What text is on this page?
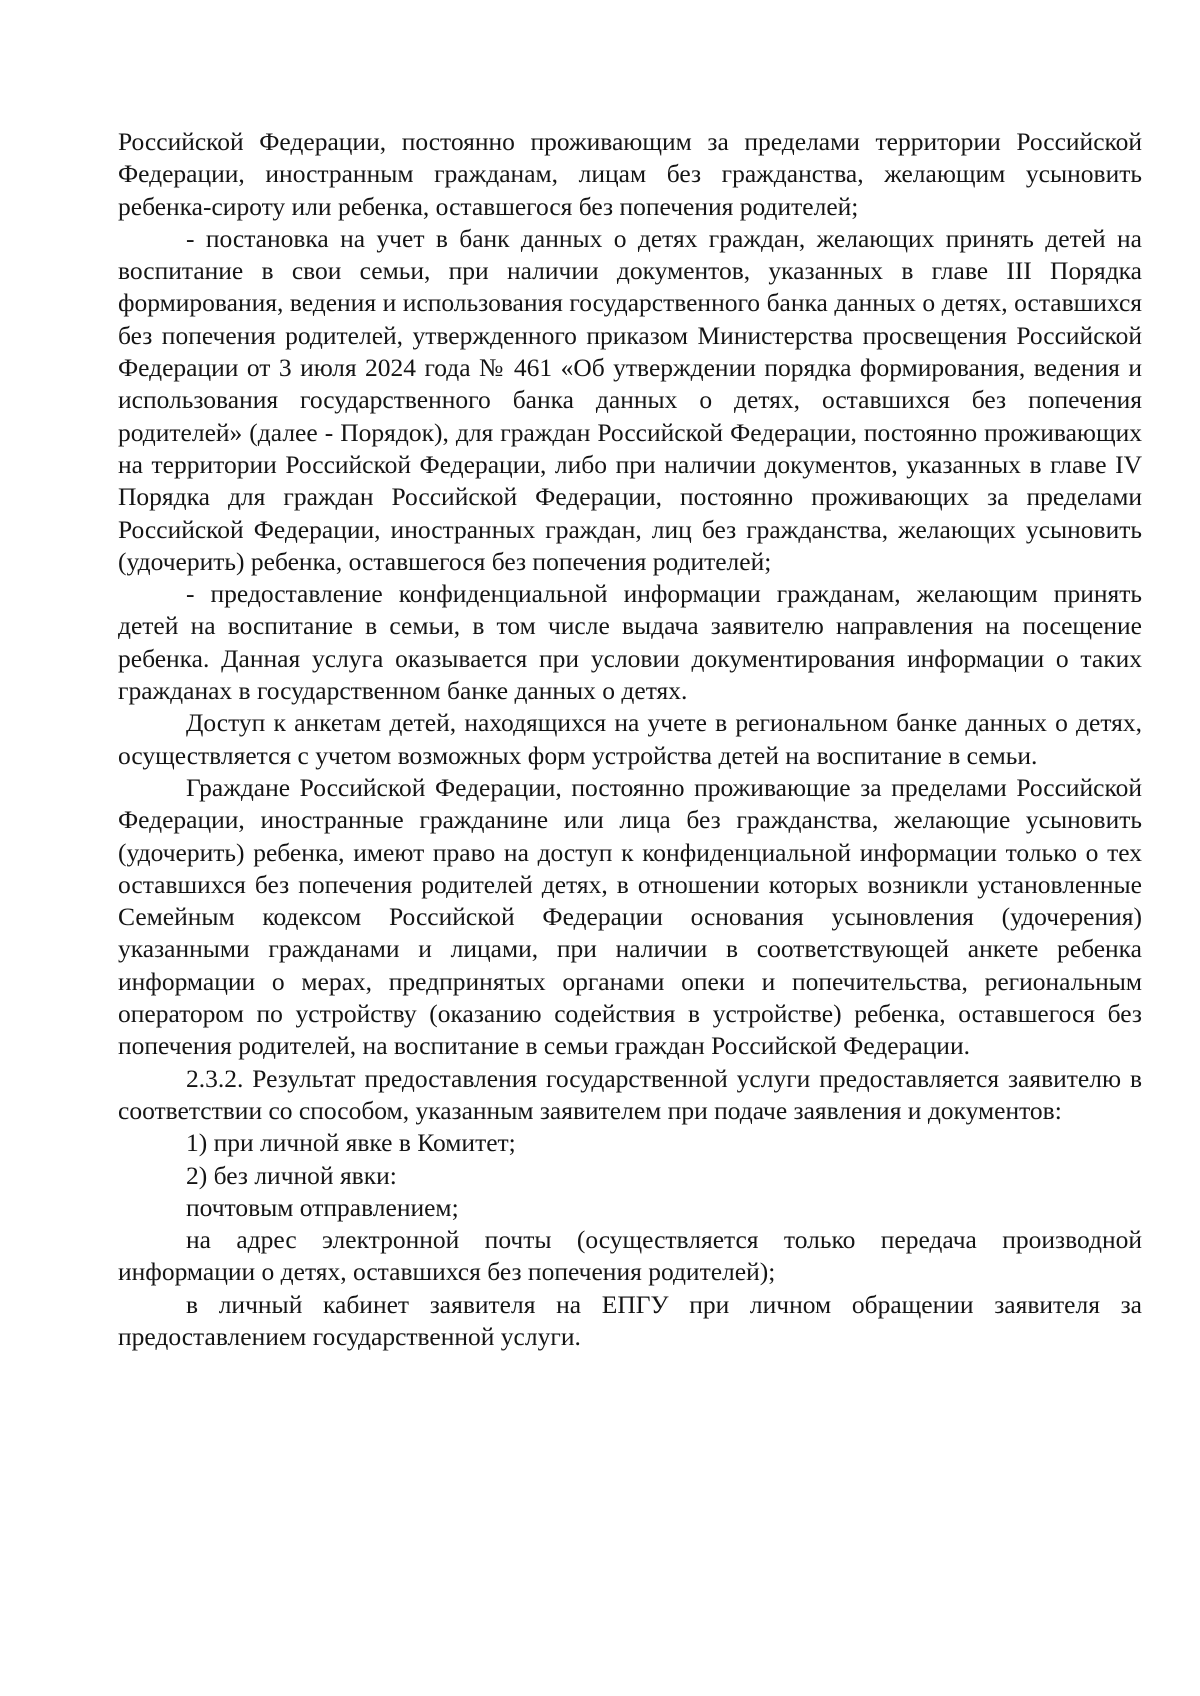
Российской Федерации, постоянно проживающим за пределами территории Российской Федерации, иностранным гражданам, лицам без гражданства, желающим усыновить ребенка-сироту или ребенка, оставшегося без попечения родителей;

- постановка на учет в банк данных о детях граждан, желающих принять детей на воспитание в свои семьи, при наличии документов, указанных в главе III Порядка формирования, ведения и использования государственного банка данных о детях, оставшихся без попечения родителей, утвержденного приказом Министерства просвещения Российской Федерации от 3 июля 2024 года № 461 «Об утверждении порядка формирования, ведения и использования государственного банка данных о детях, оставшихся без попечения родителей» (далее - Порядок), для граждан Российской Федерации, постоянно проживающих на территории Российской Федерации, либо при наличии документов, указанных в главе IV Порядка для граждан Российской Федерации, постоянно проживающих за пределами Российской Федерации, иностранных граждан, лиц без гражданства, желающих усыновить (удочерить) ребенка, оставшегося без попечения родителей;

- предоставление конфиденциальной информации гражданам, желающим принять детей на воспитание в семьи, в том числе выдача заявителю направления на посещение ребенка. Данная услуга оказывается при условии документирования информации о таких гражданах в государственном банке данных о детях.

Доступ к анкетам детей, находящихся на учете в региональном банке данных о детях, осуществляется с учетом возможных форм устройства детей на воспитание в семьи.

Граждане Российской Федерации, постоянно проживающие за пределами Российской Федерации, иностранные гражданине или лица без гражданства, желающие усыновить (удочерить) ребенка, имеют право на доступ к конфиденциальной информации только о тех оставшихся без попечения родителей детях, в отношении которых возникли установленные Семейным кодексом Российской Федерации основания усыновления (удочерения) указанными гражданами и лицами, при наличии в соответствующей анкете ребенка информации о мерах, предпринятых органами опеки и попечительства, региональным оператором по устройству (оказанию содействия в устройстве) ребенка, оставшегося без попечения родителей, на воспитание в семьи граждан Российской Федерации.

2.3.2. Результат предоставления государственной услуги предоставляется заявителю в соответствии со способом, указанным заявителем при подаче заявления и документов:

1) при личной явке в Комитет;

2) без личной явки:

почтовым отправлением;

на адрес электронной почты (осуществляется только передача производной информации о детях, оставшихся без попечения родителей);

в личный кабинет заявителя на ЕПГУ при личном обращении заявителя за предоставлением государственной услуги.
